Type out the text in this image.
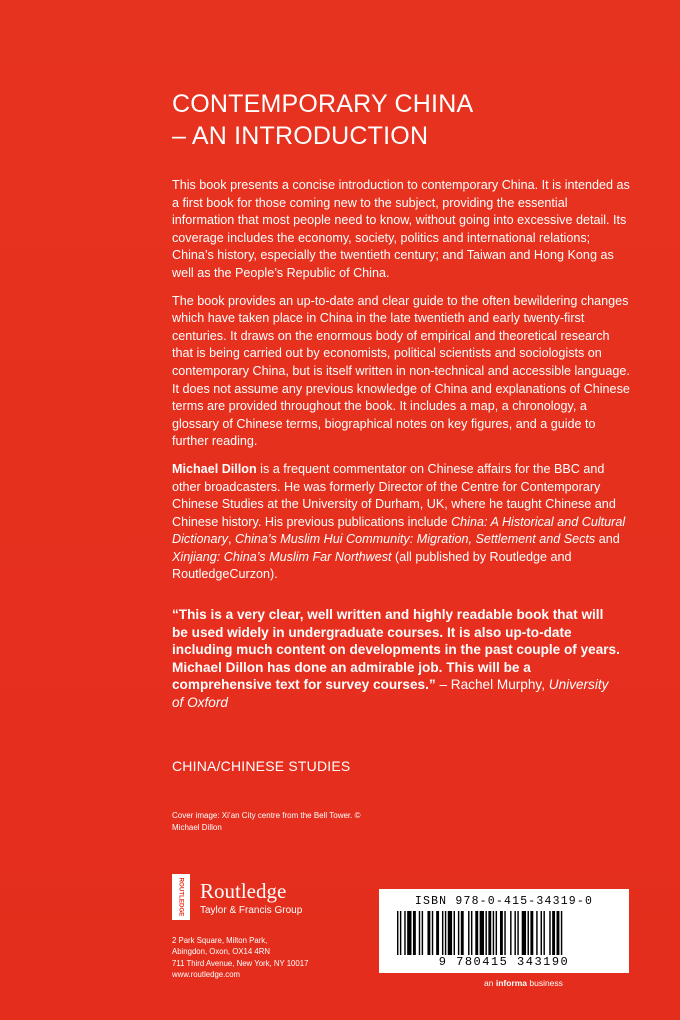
CONTEMPORARY CHINA
– AN INTRODUCTION

This book presents a concise introduction to contemporary China. It is intended as a first book for those coming new to the subject, providing the essential information that most people need to know, without going into excessive detail. Its coverage includes the economy, society, politics and international relations; China’s history, especially the twentieth century; and Taiwan and Hong Kong as well as the People’s Republic of China.

The book provides an up-to-date and clear guide to the often bewildering changes which have taken place in China in the late twentieth and early twenty-first centuries. It draws on the enormous body of empirical and theoretical research that is being carried out by economists, political scientists and sociologists on contemporary China, but is itself written in non-technical and accessible language. It does not assume any previous knowledge of China and explanations of Chinese terms are provided throughout the book. It includes a map, a chronology, a glossary of Chinese terms, biographical notes on key figures, and a guide to further reading.

Michael Dillon is a frequent commentator on Chinese affairs for the BBC and other broadcasters. He was formerly Director of the Centre for Contemporary Chinese Studies at the University of Durham, UK, where he taught Chinese and Chinese history. His previous publications include China: A Historical and Cultural Dictionary, China’s Muslim Hui Community: Migration, Settlement and Sects and Xinjiang: China’s Muslim Far Northwest (all published by Routledge and RoutledgeCurzon).

“This is a very clear, well written and highly readable book that will be used widely in undergraduate courses. It is also up-to-date including much content on developments in the past couple of years. Michael Dillon has done an admirable job. This will be a comprehensive text for survey courses.” – Rachel Murphy, University of Oxford
CHINA/CHINESE STUDIES
Cover image: Xi’an City centre from the Bell Tower. © Michael Dillon
ROUTLEDGE Routledge
Taylor & Francis Group
2 Park Square, Milton Park,
Abingdon, Oxon, OX14 4RN
711 Third Avenue, New York, NY 10017
www.routledge.com
ISBN 978-0-415-34319-0
9 780415 343190
an informa business
